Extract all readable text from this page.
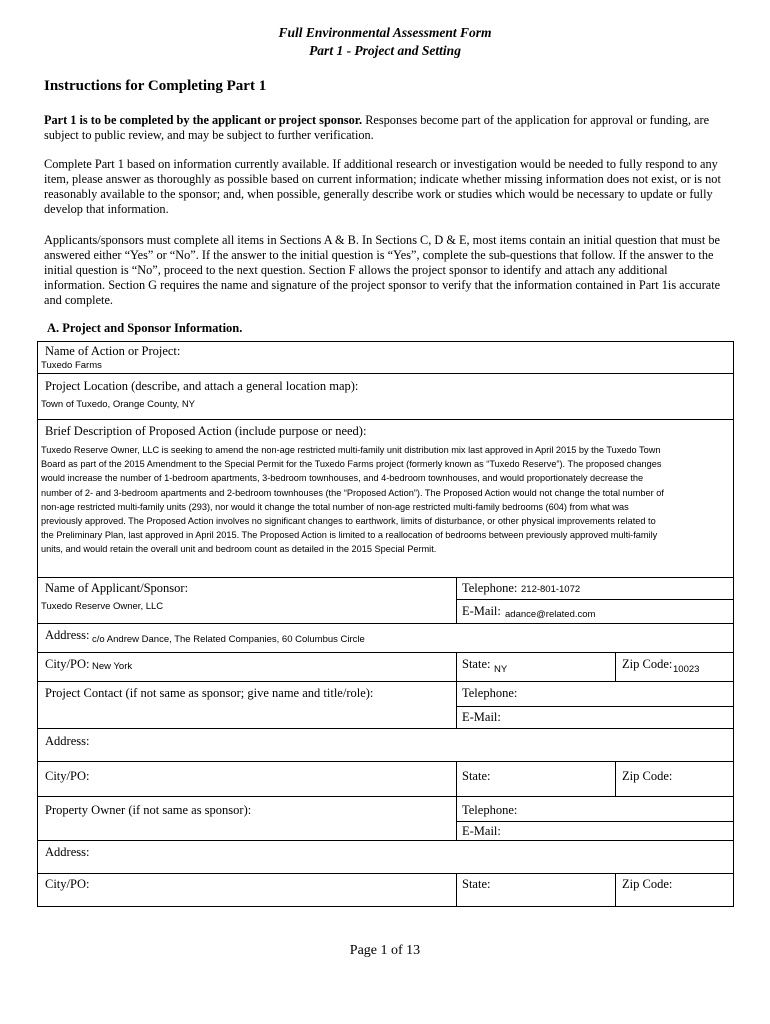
Full Environmental Assessment Form
Part 1 - Project and Setting
Instructions for Completing Part 1
Part 1 is to be completed by the applicant or project sponsor. Responses become part of the application for approval or funding, are subject to public review, and may be subject to further verification.
Complete Part 1 based on information currently available. If additional research or investigation would be needed to fully respond to any item, please answer as thoroughly as possible based on current information; indicate whether missing information does not exist, or is not reasonably available to the sponsor; and, when possible, generally describe work or studies which would be necessary to update or fully develop that information.
Applicants/sponsors must complete all items in Sections A & B. In Sections C, D & E, most items contain an initial question that must be answered either “Yes” or “No”. If the answer to the initial question is “Yes”, complete the sub-questions that follow. If the answer to the initial question is “No”, proceed to the next question. Section F allows the project sponsor to identify and attach any additional information. Section G requires the name and signature of the project sponsor to verify that the information contained in Part 1is accurate and complete.
A. Project and Sponsor Information.
Name of Action or Project:
Tuxedo Farms
Project Location (describe, and attach a general location map):
Town of Tuxedo, Orange County, NY
Brief Description of Proposed Action (include purpose or need):
Tuxedo Reserve Owner, LLC is seeking to amend the non-age restricted multi-family unit distribution mix last approved in April 2015 by the Tuxedo Town
Board as part of the 2015 Amendment to the Special Permit for the Tuxedo Farms project (formerly known as “Tuxedo Reserve”). The proposed changes
would increase the number of 1-bedroom apartments, 3-bedroom townhouses, and 4-bedroom townhouses, and would proportionately decrease the
number of 2- and 3-bedroom apartments and 2-bedroom townhouses (the “Proposed Action”). The Proposed Action would not change the total number of
non-age restricted multi-family units (293), nor would it change the total number of non-age restricted multi-family bedrooms (604) from what was
previously approved. The Proposed Action involves no significant changes to earthwork, limits of disturbance, or other physical improvements related to
the Preliminary Plan, last approved in April 2015. The Proposed Action is limited to a reallocation of bedrooms between previously approved multi-family
units, and would retain the overall unit and bedroom count as detailed in the 2015 Special Permit.
Name of Applicant/Sponsor:
Tuxedo Reserve Owner, LLC
Telephone: 212-801-1072
E-Mail: adance@related.com
Address: c/o Andrew Dance, The Related Companies, 60 Columbus Circle
City/PO: New York	State: NY	Zip Code: 10023
Project Contact (if not same as sponsor; give name and title/role):	Telephone:
E-Mail:
Address:
City/PO:	State:	Zip Code:
Property Owner (if not same as sponsor):	Telephone:
E-Mail:
Address:
City/PO:	State:	Zip Code:
Page 1 of 13
